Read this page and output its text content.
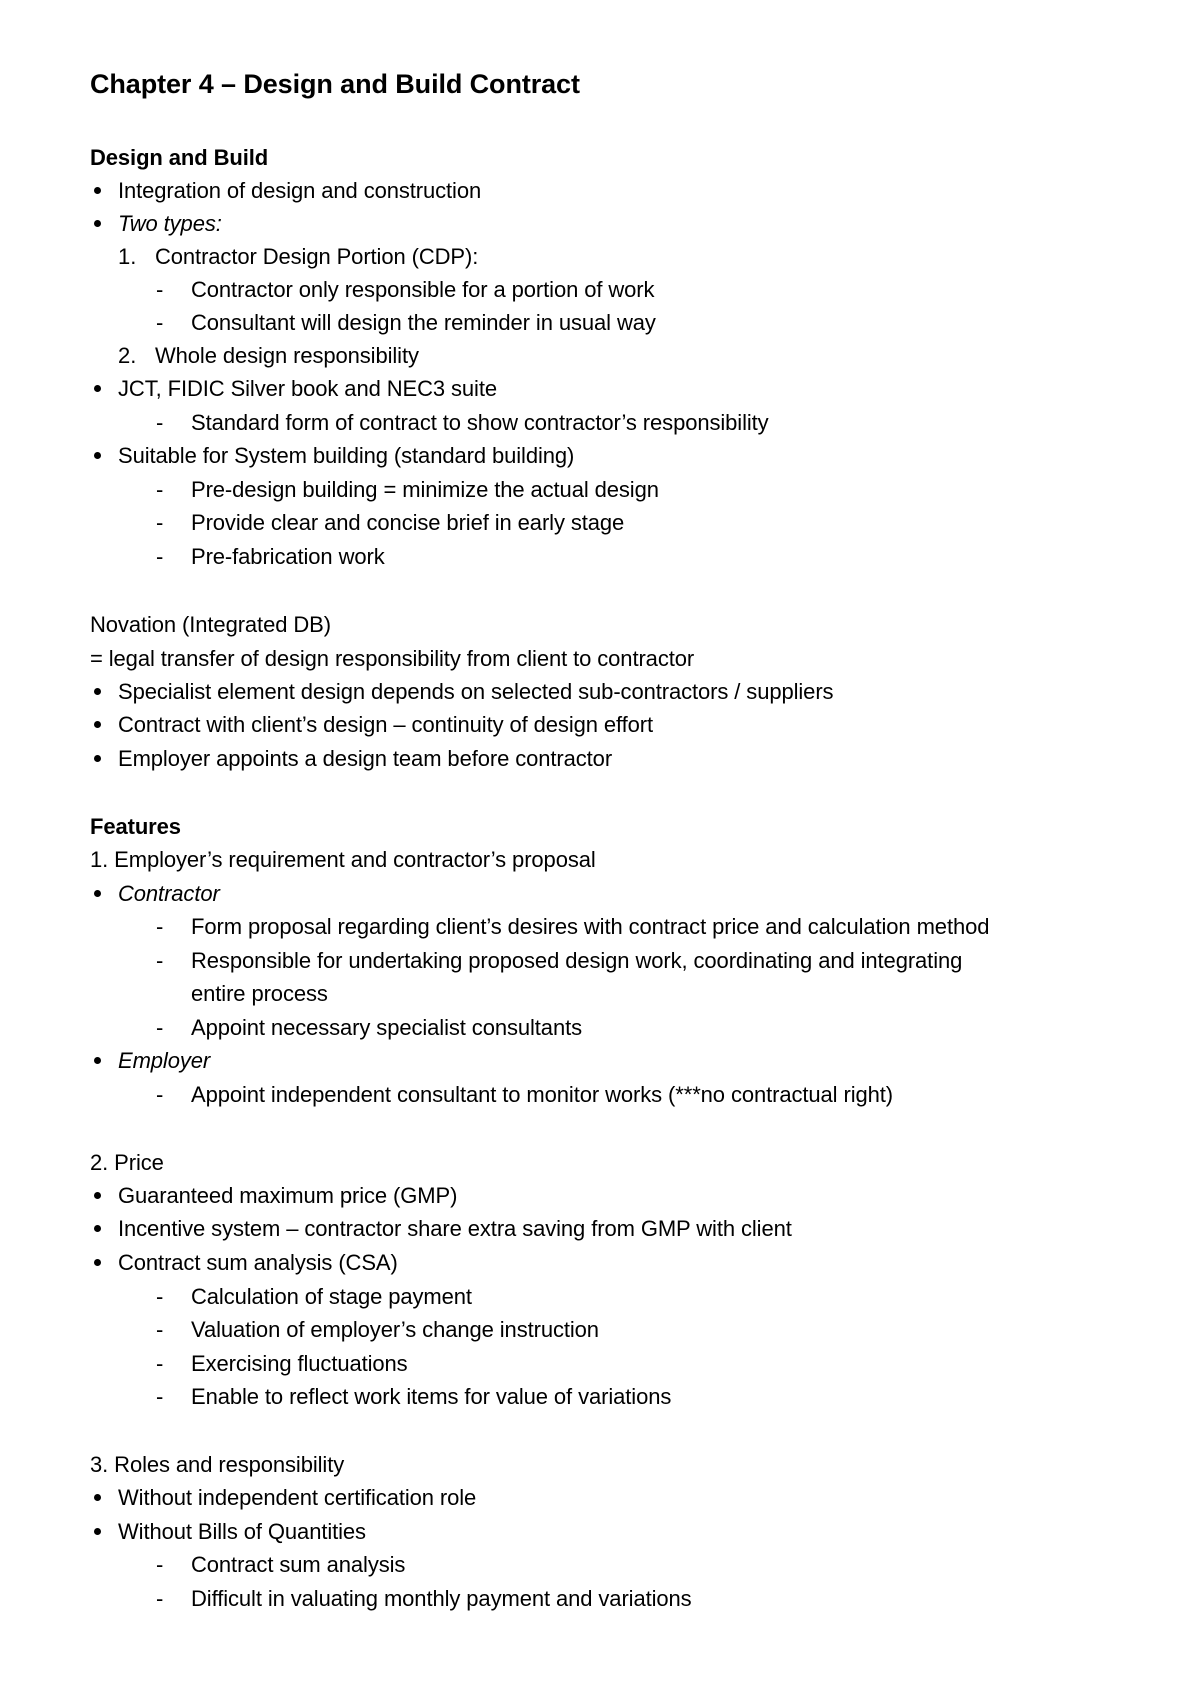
Chapter 4 – Design and Build Contract
Design and Build
Integration of design and construction
Two types:
1. Contractor Design Portion (CDP):
- Contractor only responsible for a portion of work
- Consultant will design the reminder in usual way
2. Whole design responsibility
JCT, FIDIC Silver book and NEC3 suite
- Standard form of contract to show contractor’s responsibility
Suitable for System building (standard building)
- Pre-design building = minimize the actual design
- Provide clear and concise brief in early stage
- Pre-fabrication work
Novation (Integrated DB)
= legal transfer of design responsibility from client to contractor
Specialist element design depends on selected sub-contractors / suppliers
Contract with client’s design – continuity of design effort
Employer appoints a design team before contractor
Features
1. Employer’s requirement and contractor’s proposal
Contractor
- Form proposal regarding client’s desires with contract price and calculation method
- Responsible for undertaking proposed design work, coordinating and integrating
entire process
- Appoint necessary specialist consultants
Employer
- Appoint independent consultant to monitor works (***no contractual right)
2. Price
Guaranteed maximum price (GMP)
Incentive system – contractor share extra saving from GMP with client
Contract sum analysis (CSA)
- Calculation of stage payment
- Valuation of employer’s change instruction
- Exercising fluctuations
- Enable to reflect work items for value of variations
3. Roles and responsibility
Without independent certification role
Without Bills of Quantities
- Contract sum analysis
- Difficult in valuating monthly payment and variations
